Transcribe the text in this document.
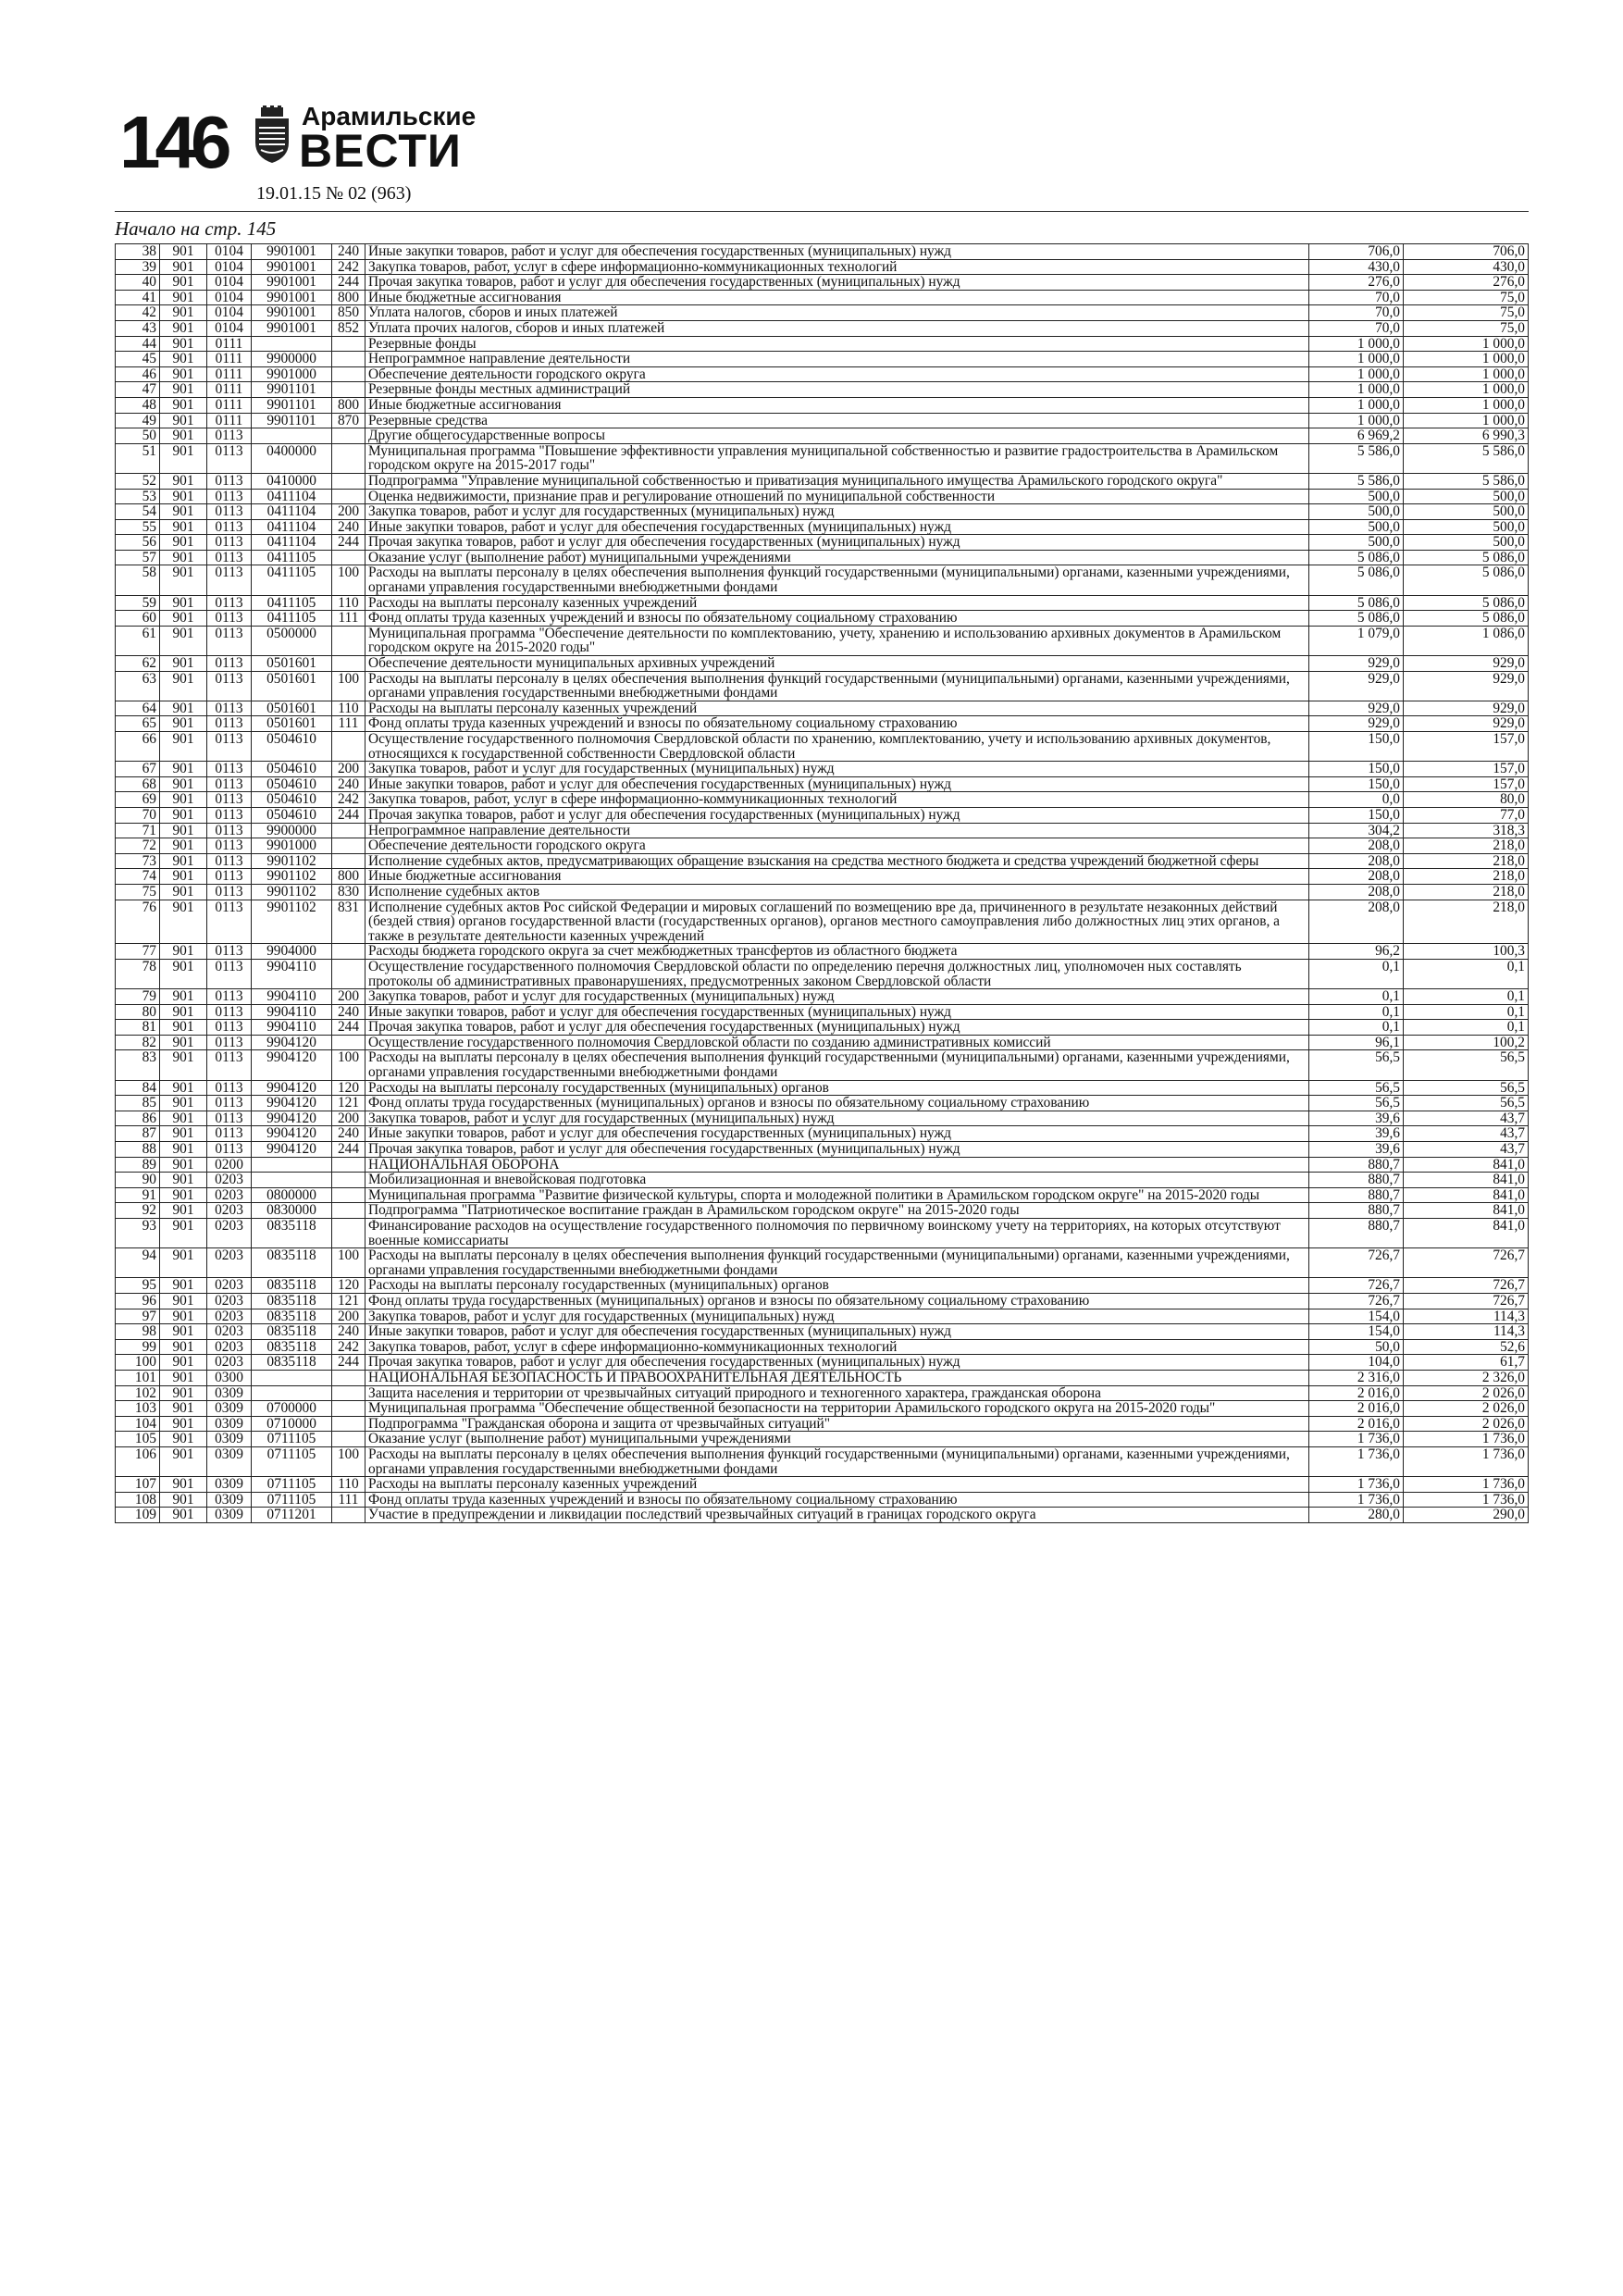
146	Арамильские
ВЕСТИ
19.01.15 № 02 (963)
Начало на стр. 145
38	901	0104	9901001	240	Иные закупки товаров, работ и услуг для обеспечения государственных (муниципальных) нужд	706,0	706,0
39	901	0104	9901001	242	Закупка товаров, работ, услуг в сфере информационно-коммуникационных технологий	430,0	430,0
40	901	0104	9901001	244	Прочая закупка товаров, работ и услуг для обеспечения государственных (муниципальных) нужд	276,0	276,0
41	901	0104	9901001	800	Иные бюджетные ассигнования	70,0	75,0
42	901	0104	9901001	850	Уплата налогов, сборов и иных платежей	70,0	75,0
43	901	0104	9901001	852	Уплата прочих налогов, сборов и иных платежей	70,0	75,0
44	901	0111			Резервные фонды	1 000,0	1 000,0
45	901	0111	9900000		Непрограммное направление деятельности	1 000,0	1 000,0
46	901	0111	9901000		Обеспечение деятельности городского округа	1 000,0	1 000,0
47	901	0111	9901101		Резервные фонды местных администраций	1 000,0	1 000,0
48	901	0111	9901101	800	Иные бюджетные ассигнования	1 000,0	1 000,0
49	901	0111	9901101	870	Резервные средства	1 000,0	1 000,0
50	901	0113			Другие общегосударственные вопросы	6 969,2	6 990,3
51	901	0113	0400000		Муниципальная программа "Повышение эффективности управления муниципальной собственностью и развитие градостроительства в Арамильском городском округе на 2015-2017 годы"	5 586,0	5 586,0
52	901	0113	0410000		Подпрограмма "Управление муниципальной собственностью и приватизация муниципального имущества Арамильского городского округа"	5 586,0	5 586,0
53	901	0113	0411104		Оценка недвижимости, признание прав и регулирование отношений по муниципальной собственности	500,0	500,0
54	901	0113	0411104	200	Закупка товаров, работ и услуг для государственных (муниципальных) нужд	500,0	500,0
55	901	0113	0411104	240	Иные закупки товаров, работ и услуг для обеспечения государственных (муниципальных) нужд	500,0	500,0
56	901	0113	0411104	244	Прочая закупка товаров, работ и услуг для обеспечения государственных (муниципальных) нужд	500,0	500,0
57	901	0113	0411105		Оказание услуг (выполнение работ) муниципальными учреждениями	5 086,0	5 086,0
58	901	0113	0411105	100	Расходы на выплаты персоналу в целях обеспечения выполнения функций государственными (муниципальными) органами, казенными учреждениями, органами управления государственными внебюджетными фондами	5 086,0	5 086,0
59	901	0113	0411105	110	Расходы на выплаты персоналу казенных учреждений	5 086,0	5 086,0
60	901	0113	0411105	111	Фонд оплаты труда казенных учреждений и взносы по обязательному социальному страхованию	5 086,0	5 086,0
61	901	0113	0500000		Муниципальная программа "Обеспечение деятельности по комплектованию, учету, хранению и использованию архивных документов в Арамильском городском округе на 2015-2020 годы"	1 079,0	1 086,0
62	901	0113	0501601		Обеспечение деятельности муниципальных архивных учреждений	929,0	929,0
63	901	0113	0501601	100	Расходы на выплаты персоналу в целях обеспечения выполнения функций государственными (муниципальными) органами, казенными учреждениями, органами управления государственными внебюджетными фондами	929,0	929,0
64	901	0113	0501601	110	Расходы на выплаты персоналу казенных учреждений	929,0	929,0
65	901	0113	0501601	111	Фонд оплаты труда казенных учреждений и взносы по обязательному социальному страхованию	929,0	929,0
66	901	0113	0504610		Осуществление государственного полномочия Свердловской области по хранению, комплектованию, учету и использованию архивных документов, относящихся к государственной собственности Свердловской области	150,0	157,0
67	901	0113	0504610	200	Закупка товаров, работ и услуг для государственных (муниципальных) нужд	150,0	157,0
68	901	0113	0504610	240	Иные закупки товаров, работ и услуг для обеспечения государственных (муниципальных) нужд	150,0	157,0
69	901	0113	0504610	242	Закупка товаров, работ, услуг в сфере информационно-коммуникационных технологий	0,0	80,0
70	901	0113	0504610	244	Прочая закупка товаров, работ и услуг для обеспечения государственных (муниципальных) нужд	150,0	77,0
71	901	0113	9900000		Непрограммное направление деятельности	304,2	318,3
72	901	0113	9901000		Обеспечение деятельности городского округа	208,0	218,0
73	901	0113	9901102		Исполнение судебных актов, предусматривающих обращение взыскания на средства местного бюджета и средства учреждений бюджетной сферы	208,0	218,0
74	901	0113	9901102	800	Иные бюджетные ассигнования	208,0	218,0
75	901	0113	9901102	830	Исполнение судебных актов	208,0	218,0
76	901	0113	9901102	831	Исполнение судебных актов Рос сийской Федерации и мировых соглашений по возмещению вре да, причиненного в результате незаконных действий (бездей ствия) органов государственной власти (государственных органов), органов местного самоуправления либо должностных лиц этих органов, а также в результате деятельности казенных учреждений	208,0	218,0
77	901	0113	9904000		Расходы бюджета городского округа за счет межбюджетных трансфертов из областного бюджета	96,2	100,3
78	901	0113	9904110		Осуществление государственного полномочия Свердловской области по определению перечня должностных лиц, уполномочен ных составлять протоколы об административных правонарушениях, предусмотренных законом Свердловской области	0,1	0,1
79	901	0113	9904110	200	Закупка товаров, работ и услуг для государственных (муниципальных) нужд	0,1	0,1
80	901	0113	9904110	240	Иные закупки товаров, работ и услуг для обеспечения государственных (муниципальных) нужд	0,1	0,1
81	901	0113	9904110	244	Прочая закупка товаров, работ и услуг для обеспечения государственных (муниципальных) нужд	0,1	0,1
82	901	0113	9904120		Осуществление государственного полномочия Свердловской области по созданию административных комиссий	96,1	100,2
83	901	0113	9904120	100	Расходы на выплаты персоналу в целях обеспечения выполнения функций государственными (муниципальными) органами, казенными учреждениями, органами управления государственными внебюджетными фондами	56,5	56,5
84	901	0113	9904120	120	Расходы на выплаты персоналу государственных (муниципальных) органов	56,5	56,5
85	901	0113	9904120	121	Фонд оплаты труда государственных (муниципальных) органов и взносы по обязательному социальному страхованию	56,5	56,5
86	901	0113	9904120	200	Закупка товаров, работ и услуг для государственных (муниципальных) нужд	39,6	43,7
87	901	0113	9904120	240	Иные закупки товаров, работ и услуг для обеспечения государственных (муниципальных) нужд	39,6	43,7
88	901	0113	9904120	244	Прочая закупка товаров, работ и услуг для обеспечения государственных (муниципальных) нужд	39,6	43,7
89	901	0200			НАЦИОНАЛЬНАЯ ОБОРОНА	880,7	841,0
90	901	0203			Мобилизационная и вневойсковая подготовка	880,7	841,0
91	901	0203	0800000		Муниципальная программа "Развитие физической культуры, спорта и молодежной политики в Арамильском городском округе" на 2015-2020 годы	880,7	841,0
92	901	0203	0830000		Подпрограмма "Патриотическое воспитание граждан в Арамильском городском округе" на 2015-2020 годы	880,7	841,0
93	901	0203	0835118		Финансирование расходов на осуществление государственного полномочия по первичному воинскому учету на территориях, на которых отсутствуют военные комиссариаты	880,7	841,0
94	901	0203	0835118	100	Расходы на выплаты персоналу в целях обеспечения выполнения функций государственными (муниципальными) органами, казенными учреждениями, органами управления государственными внебюджетными фондами	726,7	726,7
95	901	0203	0835118	120	Расходы на выплаты персоналу государственных (муниципальных) органов	726,7	726,7
96	901	0203	0835118	121	Фонд оплаты труда государственных (муниципальных) органов и взносы по обязательному социальному страхованию	726,7	726,7
97	901	0203	0835118	200	Закупка товаров, работ и услуг для государственных (муниципальных) нужд	154,0	114,3
98	901	0203	0835118	240	Иные закупки товаров, работ и услуг для обеспечения государственных (муниципальных) нужд	154,0	114,3
99	901	0203	0835118	242	Закупка товаров, работ, услуг в сфере информационно-коммуникационных технологий	50,0	52,6
100	901	0203	0835118	244	Прочая закупка товаров, работ и услуг для обеспечения государственных (муниципальных) нужд	104,0	61,7
101	901	0300			НАЦИОНАЛЬНАЯ БЕЗОПАСНОСТЬ И ПРАВООХРАНИТЕЛЬНАЯ ДЕЯТЕЛЬНОСТЬ	2 316,0	2 326,0
102	901	0309			Защита населения и территории от чрезвычайных ситуаций природного и техногенного характера, гражданская оборона	2 016,0	2 026,0
103	901	0309	0700000		Муниципальная программа "Обеспечение общественной безопасности на территории Арамильского городского округа на 2015-2020 годы"	2 016,0	2 026,0
104	901	0309	0710000		Подпрограмма "Гражданская оборона и защита от чрезвычайных ситуаций"	2 016,0	2 026,0
105	901	0309	0711105		Оказание услуг (выполнение работ) муниципальными учреждениями	1 736,0	1 736,0
106	901	0309	0711105	100	Расходы на выплаты персоналу в целях обеспечения выполнения функций государственными (муниципальными) органами, казенными учреждениями, органами управления государственными внебюджетными фондами	1 736,0	1 736,0
107	901	0309	0711105	110	Расходы на выплаты персоналу казенных учреждений	1 736,0	1 736,0
108	901	0309	0711105	111	Фонд оплаты труда казенных учреждений и взносы по обязательному социальному страхованию	1 736,0	1 736,0
109	901	0309	0711201		Участие в предупреждении и ликвидации последствий чрезвычайных ситуаций в границах городского округа	280,0	290,0
